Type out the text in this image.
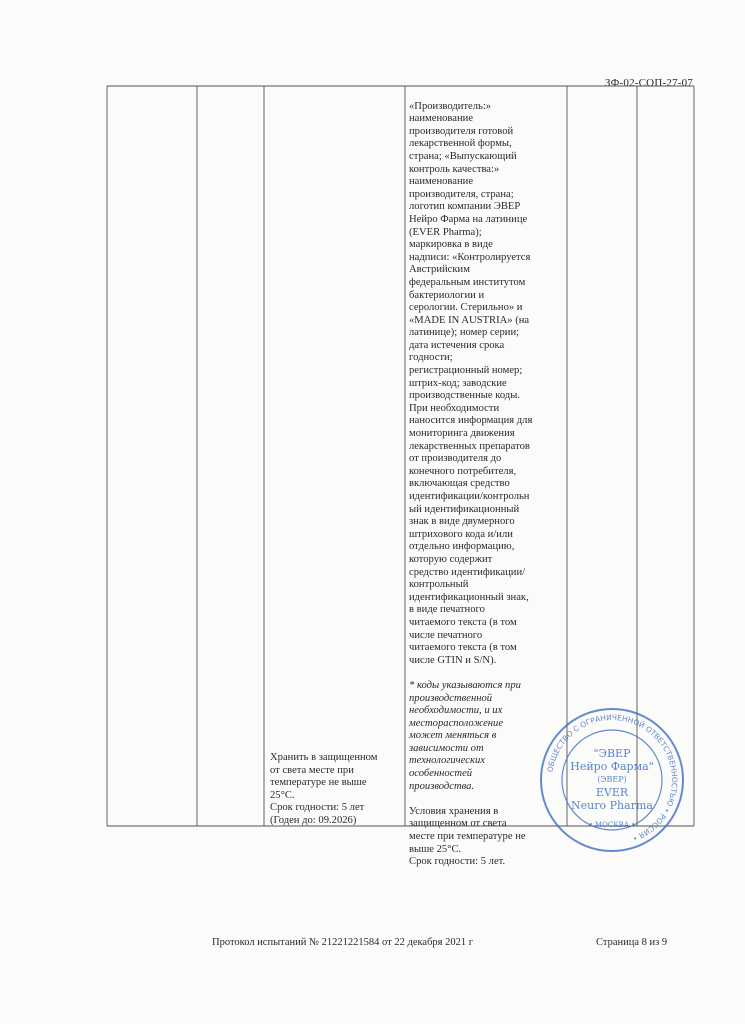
ЗФ-02-СОП-27-07

«Производитель:»
наименование
производителя готовой
лекарственной формы,
страна; «Выпускающий
контроль качества:»
наименование
производителя, страна;
логотип компании ЭВЕР
Нейро Фарма на латинице
(EVER Pharma);
маркировка в виде
надписи: «Контролируется
Австрийским
федеральным институтом
бактериологии и
серологии. Стерильно» и
«MADE IN AUSTRIA» (на
латинице); номер серии;
дата истечения срока
годности;
регистрационный номер;
штрих-код; заводские
производственные коды.
При необходимости
наносится информация для
мониторинга движения
лекарственных препаратов
от производителя до
конечного потребителя,
включающая средство
идентификации/контрольн
ый идентификационный
знак в виде двумерного
штрихового кода и/или
отдельно информацию,
которую содержит
средство идентификации/
контрольный
идентификационный знак,
в виде печатного
читаемого текста (в том
числе печатного
читаемого текста (в том
числе GTIN и S/N).

* коды указываются при
производственной
необходимости, и их
месторасположение
может меняться в
зависимости от
технологических
особенностей
производства.

Условия хранения в
защищенном от света
месте при температуре не
выше 25°C.
Срок годности: 5 лет.

Хранить в защищенном
от света месте при
температуре не выше
25°C.
Срок годности: 5 лет
(Годен до: 09.2026)
ОБЩЕСТВО С ОГРАНИЧЕННОЙ ОТВЕТСТВЕННОСТЬЮ • РОССИЯ •
"ЭВЕР
Нейро Фарма"
(ЭВЕР)
EVER
Neuro Pharma
• МОСКВА •
Протокол испытаний № 21221221584 от 22 декабря 2021 г	Страница 8 из 9
